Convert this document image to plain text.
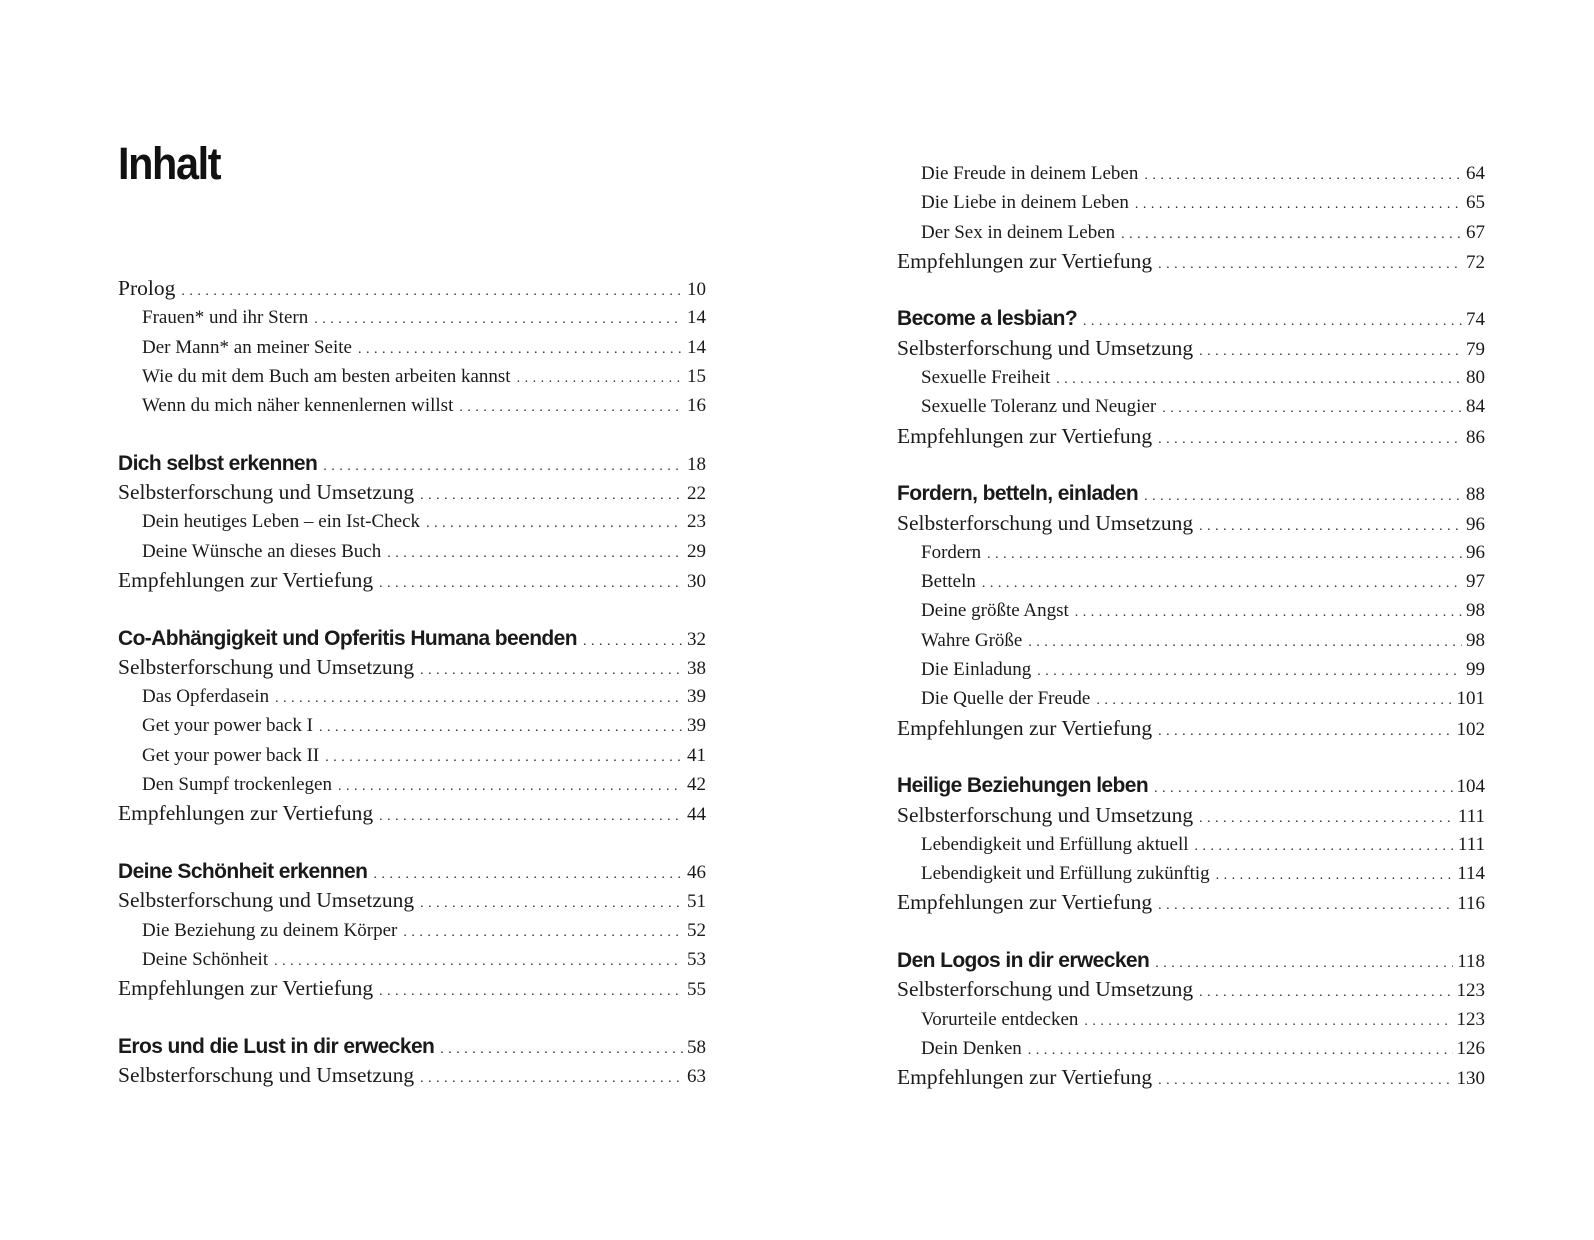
Inhalt
Prolog . . .	10
Frauen* und ihr Stern . . .	14
Der Mann* an meiner Seite . . .	14
Wie du mit dem Buch am besten arbeiten kannst . . .	15
Wenn du mich näher kennenlernen willst . . .	16
Dich selbst erkennen . . .	18
Selbsterforschung und Umsetzung . . .	22
Dein heutiges Leben – ein Ist-Check . . .	23
Deine Wünsche an dieses Buch . . .	29
Empfehlungen zur Vertiefung . . .	30
Co-Abhängigkeit und Opferitis Humana beenden . . .	32
Selbsterforschung und Umsetzung . . .	38
Das Opferdasein . . .	39
Get your power back I . . .	39
Get your power back II . . .	41
Den Sumpf trockenlegen . . .	42
Empfehlungen zur Vertiefung . . .	44
Deine Schönheit erkennen . . .	46
Selbsterforschung und Umsetzung . . .	51
Die Beziehung zu deinem Körper . . .	52
Deine Schönheit . . .	53
Empfehlungen zur Vertiefung . . .	55
Eros und die Lust in dir erwecken . . .	58
Selbsterforschung und Umsetzung . . .	63
Die Freude in deinem Leben . . .	64
Die Liebe in deinem Leben . . .	65
Der Sex in deinem Leben . . .	67
Empfehlungen zur Vertiefung . . .	72
Become a lesbian? . . .	74
Selbsterforschung und Umsetzung . . .	79
Sexuelle Freiheit . . .	80
Sexuelle Toleranz und Neugier . . .	84
Empfehlungen zur Vertiefung . . .	86
Fordern, betteln, einladen . . .	88
Selbsterforschung und Umsetzung . . .	96
Fordern . . .	96
Betteln . . .	97
Deine größte Angst . . .	98
Wahre Größe . . .	98
Die Einladung . . .	99
Die Quelle der Freude . . .	101
Empfehlungen zur Vertiefung . . .	102
Heilige Beziehungen leben . . .	104
Selbsterforschung und Umsetzung . . .	111
Lebendigkeit und Erfüllung aktuell . . .	111
Lebendigkeit und Erfüllung zukünftig . . .	114
Empfehlungen zur Vertiefung . . .	116
Den Logos in dir erwecken . . .	118
Selbsterforschung und Umsetzung . . .	123
Vorurteile entdecken . . .	123
Dein Denken . . .	126
Empfehlungen zur Vertiefung . . .	130
